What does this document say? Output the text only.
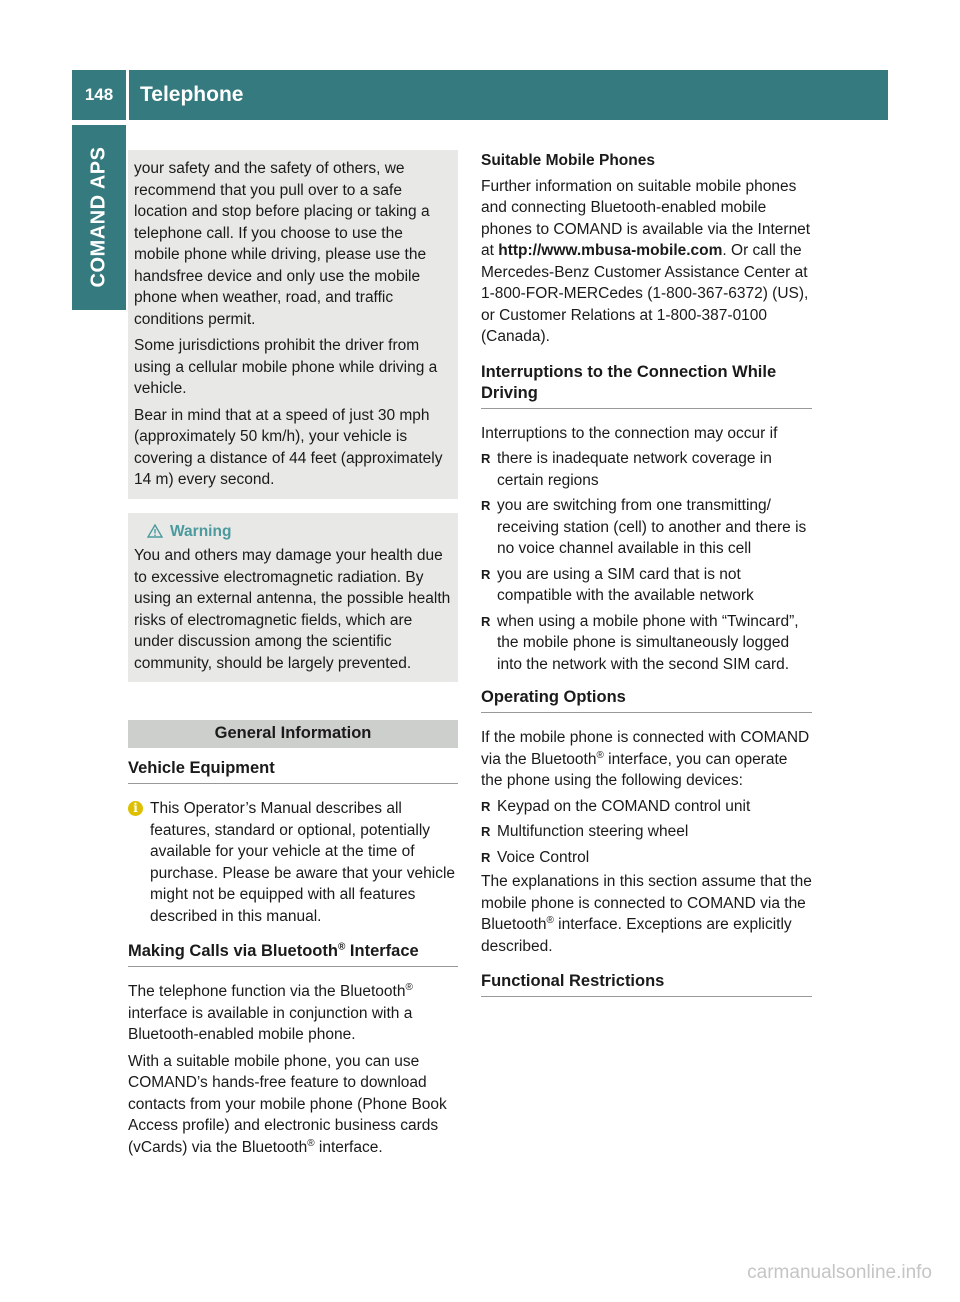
148	Telephone
COMAND APS your safety and the safety of others, we recommend that you pull over to a safe location and stop before placing or taking a telephone call. If you choose to use the mobile phone while driving, please use the handsfree device and only use the mobile phone when weather, road, and traffic conditions permit.

Some jurisdictions prohibit the driver from using a cellular mobile phone while driving a vehicle.

Bear in mind that at a speed of just 30 mph (approximately 50 km/h), your vehicle is covering a distance of 44 feet (approximately 14 m) every second.

Warning

You and others may damage your health due to excessive electromagnetic radiation. By using an external antenna, the possible health risks of electromagnetic fields, which are under discussion among the scientific community, should be largely prevented.

General Information
Vehicle Equipment
i This Operator’s Manual describes all features, standard or optional, potentially available for your vehicle at the time of purchase. Please be aware that your vehicle might not be equipped with all features described in this manual.

Making Calls via Bluetooth® Interface

The telephone function via the Bluetooth® interface is available in conjunction with a Bluetooth-enabled mobile phone.

With a suitable mobile phone, you can use COMAND’s hands-free feature to download contacts from your mobile phone (Phone Book Access profile) and electronic business cards (vCards) via the Bluetooth® interface.

Suitable Mobile Phones

Further information on suitable mobile phones and connecting Bluetooth-enabled mobile phones to COMAND is available via the Internet at http://www.mbusa-mobile.com. Or call the Mercedes-Benz Customer Assistance Center at 1-800-FOR-MERCedes (1-800-367-6372) (US), or Customer Relations at 1-800-387-0100 (Canada).

Interruptions to the Connection While Driving

Interruptions to the connection may occur if

R there is inadequate network coverage in certain regions
R you are switching from one transmitting/ receiving station (cell) to another and there is no voice channel available in this cell
R you are using a SIM card that is not compatible with the available network
R when using a mobile phone with “Twincard”, the mobile phone is simultaneously logged into the network with the second SIM card.
Operating Options

If the mobile phone is connected with COMAND via the Bluetooth® interface, you can operate the phone using the following devices:

R Keypad on the COMAND control unit
R Multifunction steering wheel
R Voice Control

The explanations in this section assume that the mobile phone is connected to COMAND via the Bluetooth® interface. Exceptions are explicitly described.

Functional Restrictions
carmanualsonline.info
